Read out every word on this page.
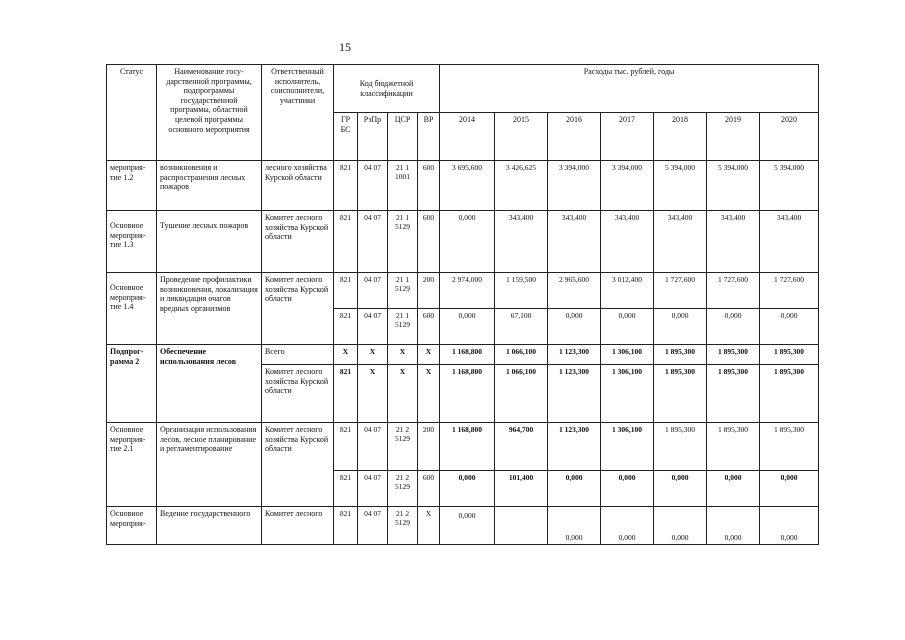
15
Статус	Наименование госу-дарственной программы, подпрограммы государственной программы, областной целевой программы основного мероприятия	Ответственный исполнитель, соисполнители, участники	Код бюджетной классификации				Расходы тыс. рублей, годы						
			ГР БС	РзПр	ЦСР	ВР	2014	2015	2016	2017	2018	2019	2020
мероприя-тие 1.2	возникновения и распространения лесных пожаров	лесного хозяйства Курской области	821	04 07	21 1 1001	600	3 695,600	3 426,625	3 394,000	3 394,000	5 394,000	5 394,000	5 394,000
Основное мероприя-тие 1.3	Тушение лесных пожаров	Комитет лесного хозяйства Курской области	821	04 07	21 1 5129	600	0,000	343,400	343,400	343,400	343,400	343,400	343,400
Основное мероприя-тие 1.4	Проведение профилактики возникновения, локализация и ликвидация очагов вредных организмов	Комитет лесного хозяйства Курской области	821	04 07	21 1 5129	200	2 974,000	1 159,500	2 965,600	3 012,400	1 727,600	1 727,600	1 727,600
			821	04 07	21 1 5129	600	0,000	67,100	0,000	0,000	0,000	0,000	0,000
Подпрог-рамма 2	Обеспечение использования лесов	Всего	Х	Х	Х	Х	1 168,800	1 066,100	1 123,300	1 306,100	1 895,300	1 895,300	1 895,300
		Комитет лесного хозяйства Курской области	821	Х	Х	Х	1 168,800	1 066,100	1 123,300	1 306,100	1 895,300	1 895,300	1 895,300
Основное мероприя-тие 2.1	Организация использования лесов, лесное планирование и регламентирование	Комитет лесного хозяйства Курской области	821	04 07	21 2 5129	200	1 168,800	964,700	1 123,300	1 306,100	1 895,300	1 895,300	1 895,300
			821	04 07	21 2 5129	600	0,000	101,400	0,000	0,000	0,000	0,000	0,000
Основное мероприя-	Ведение государственного	Комитет лесного	821	04 07	21 2 5129	Х	0,000		0,000	0,000	0,000	0,000	0,000
